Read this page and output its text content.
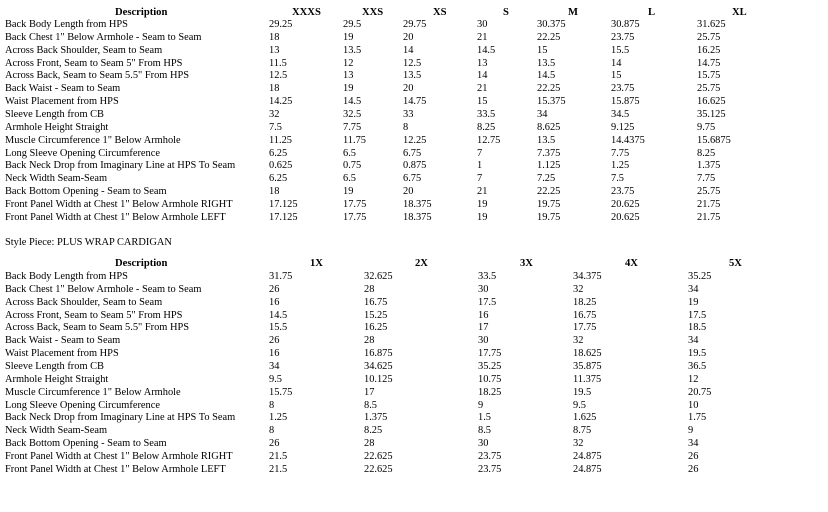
Description	XXXS	XXS	XS	S	M	L	XL
Back Body Length from HPS	29.25	29.5	29.75	30	30.375	30.875	31.625
Back Chest 1" Below Armhole - Seam to Seam	18	19	20	21	22.25	23.75	25.75
Across Back Shoulder, Seam to Seam	13	13.5	14	14.5	15	15.5	16.25
Across Front, Seam to Seam 5" From HPS	11.5	12	12.5	13	13.5	14	14.75
Across Back, Seam to Seam 5.5" From HPS	12.5	13	13.5	14	14.5	15	15.75
Back Waist - Seam to Seam	18	19	20	21	22.25	23.75	25.75
Waist Placement from HPS	14.25	14.5	14.75	15	15.375	15.875	16.625
Sleeve Length from CB	32	32.5	33	33.5	34	34.5	35.125
Armhole Height Straight	7.5	7.75	8	8.25	8.625	9.125	9.75
Muscle Circumference 1" Below Armhole	11.25	11.75	12.25	12.75	13.5	14.4375	15.6875
Long Sleeve Opening Circumference	6.25	6.5	6.75	7	7.375	7.75	8.25
Back Neck Drop from Imaginary Line at HPS To Seam	0.625	0.75	0.875	1	1.125	1.25	1.375
Neck Width Seam-Seam	6.25	6.5	6.75	7	7.25	7.5	7.75
Back Bottom Opening - Seam to Seam	18	19	20	21	22.25	23.75	25.75
Front Panel Width at Chest 1" Below Armhole RIGHT	17.125	17.75	18.375	19	19.75	20.625	21.75
Front Panel Width at Chest 1" Below Armhole LEFT	17.125	17.75	18.375	19	19.75	20.625	21.75
Style Piece: PLUS WRAP CARDIGAN
Description	1X	2X	3X	4X	5X
Back Body Length from HPS	31.75	32.625	33.5	34.375	35.25
Back Chest 1" Below Armhole - Seam to Seam	26	28	30	32	34
Across Back Shoulder, Seam to Seam	16	16.75	17.5	18.25	19
Across Front, Seam to Seam 5" From HPS	14.5	15.25	16	16.75	17.5
Across Back, Seam to Seam 5.5" From HPS	15.5	16.25	17	17.75	18.5
Back Waist - Seam to Seam	26	28	30	32	34
Waist Placement from HPS	16	16.875	17.75	18.625	19.5
Sleeve Length from CB	34	34.625	35.25	35.875	36.5
Armhole Height Straight	9.5	10.125	10.75	11.375	12
Muscle Circumference 1" Below Armhole	15.75	17	18.25	19.5	20.75
Long Sleeve Opening Circumference	8	8.5	9	9.5	10
Back Neck Drop from Imaginary Line at HPS To Seam	1.25	1.375	1.5	1.625	1.75
Neck Width Seam-Seam	8	8.25	8.5	8.75	9
Back Bottom Opening - Seam to Seam	26	28	30	32	34
Front Panel Width at Chest 1" Below Armhole RIGHT	21.5	22.625	23.75	24.875	26
Front Panel Width at Chest 1" Below Armhole LEFT	21.5	22.625	23.75	24.875	26
